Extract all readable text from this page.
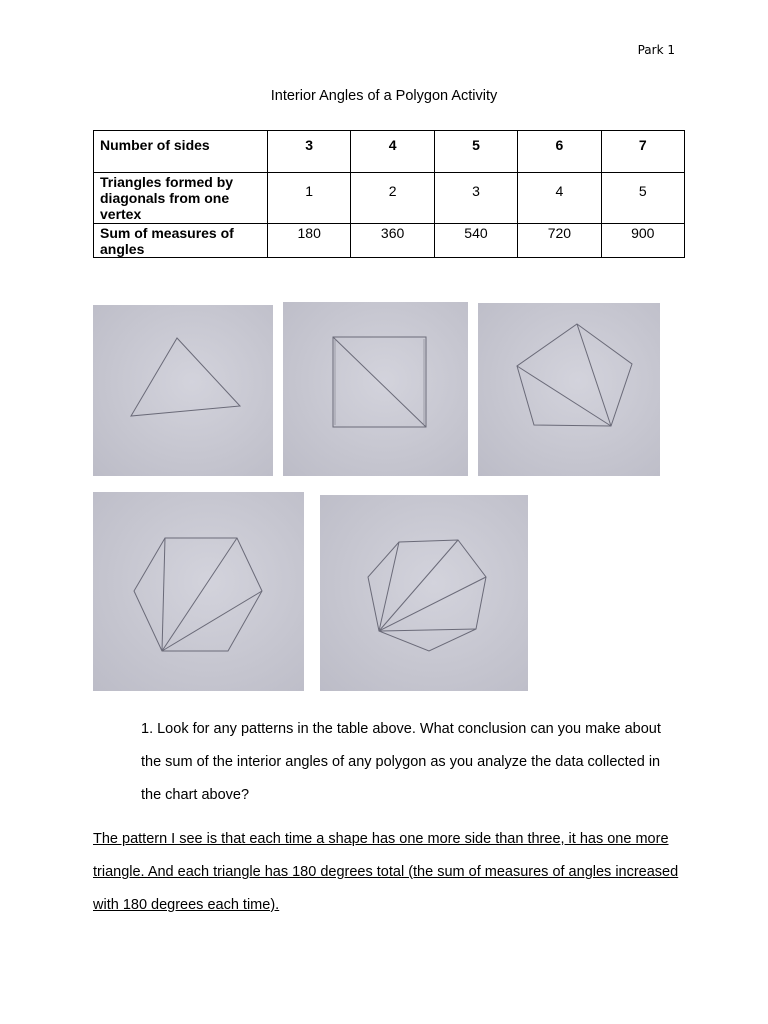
Park 1
Interior Angles of a Polygon Activity
Number of sides	3	4	5	6	7
Triangles formed by diagonals from one vertex	1	2	3	4	5
Sum of measures of angles	180	360	540	720	900
1. Look for any patterns in the table above. What conclusion can you make about the sum of the interior angles of any polygon as you analyze the data collected in the chart above?
The pattern I see is that each time a shape has one more side than three, it has one more triangle. And each triangle has 180 degrees total (the sum of measures of angles increased with 180 degrees each time).
